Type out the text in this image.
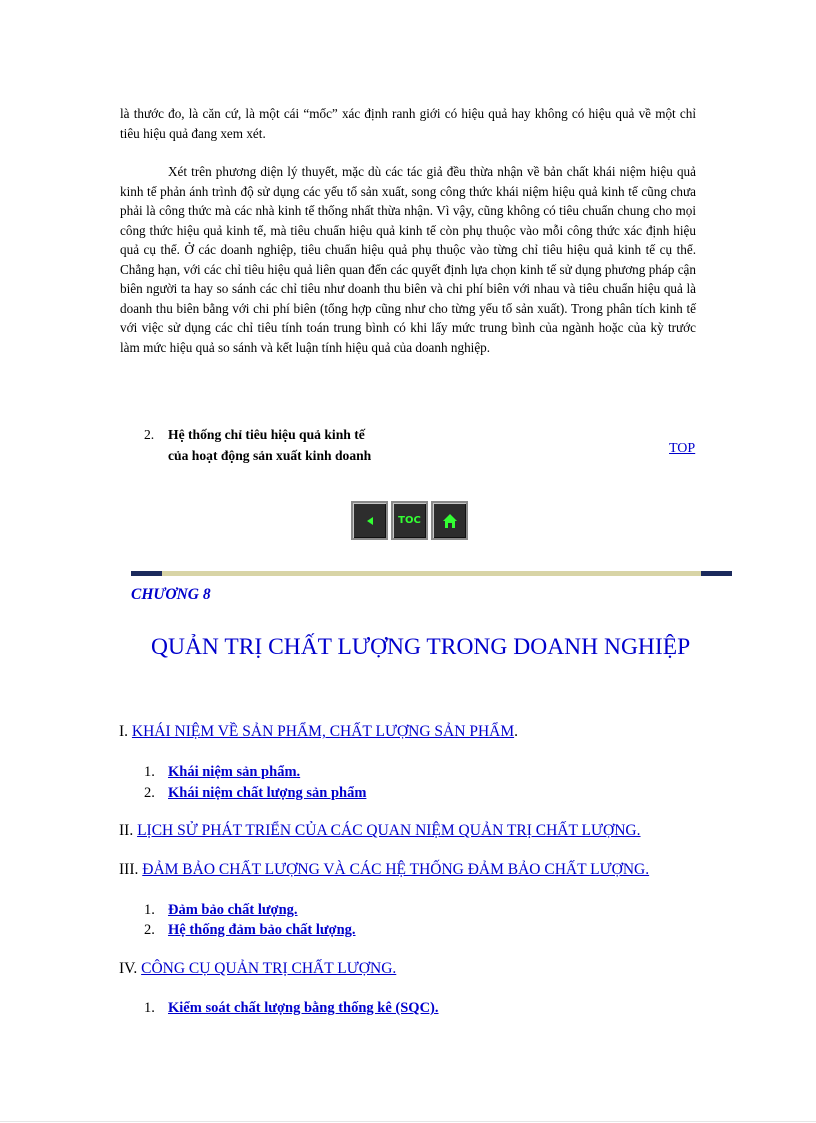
là thước đo, là căn cứ, là một cái “mốc” xác định ranh giới có hiệu quả hay không có hiệu quả về một chỉ tiêu hiệu quả đang xem xét.

Xét trên phương diện lý thuyết, mặc dù các tác giả đều thừa nhận về bản chất khái niệm hiệu quả kinh tế phản ánh trình độ sử dụng các yếu tố sản xuất, song công thức khái niệm hiệu quả kinh tế cũng chưa phải là công thức mà các nhà kinh tế thống nhất thừa nhận. Vì vậy, cũng không có tiêu chuẩn chung cho mọi công thức hiệu quả kinh tế, mà tiêu chuẩn hiệu quả kinh tế còn phụ thuộc vào mỗi công thức xác định hiệu quả cụ thể. Ở các doanh nghiệp, tiêu chuẩn hiệu quả phụ thuộc vào từng chỉ tiêu hiệu quả kinh tế cụ thể. Chẳng hạn, với các chỉ tiêu hiệu quả liên quan đến các quyết định lựa chọn kinh tế sử dụng phương pháp cận biên người ta hay so sánh các chỉ tiêu như doanh thu biên và chi phí biên với nhau và tiêu chuẩn hiệu quả là doanh thu biên bằng với chi phí biên (tổng hợp cũng như cho từng yếu tố sản xuất). Trong phân tích kinh tế với việc sử dụng các chỉ tiêu tính toán trung bình có khi lấy mức trung bình của ngành hoặc của kỳ trước làm mức hiệu quả so sánh và kết luận tính hiệu quả của doanh nghiệp.

2. Hệ thống chỉ tiêu hiệu quả kinh tế
của hoạt động sản xuất kinh doanh	TOP
TOC
CHƯƠNG 8
QUẢN TRỊ CHẤT LƯỢNG TRONG DOANH NGHIỆP
I. KHÁI NIỆM VỀ SẢN PHẨM, CHẤT LƯỢNG SẢN PHẨM.
1. Khái niệm sản phẩm.
2. Khái niệm chất lượng sản phẩm
II. LỊCH SỬ PHÁT TRIỂN CỦA CÁC QUAN NIỆM QUẢN TRỊ CHẤT LƯỢNG.
III. ĐẢM BẢO CHẤT LƯỢNG VÀ CÁC HỆ THỐNG ĐẢM BẢO CHẤT LƯỢNG.
1. Đảm bảo chất lượng.
2. Hệ thống đảm bảo chất lượng.
IV. CÔNG CỤ QUẢN TRỊ CHẤT LƯỢNG.
1. Kiểm soát chất lượng bằng thống kê (SQC).
